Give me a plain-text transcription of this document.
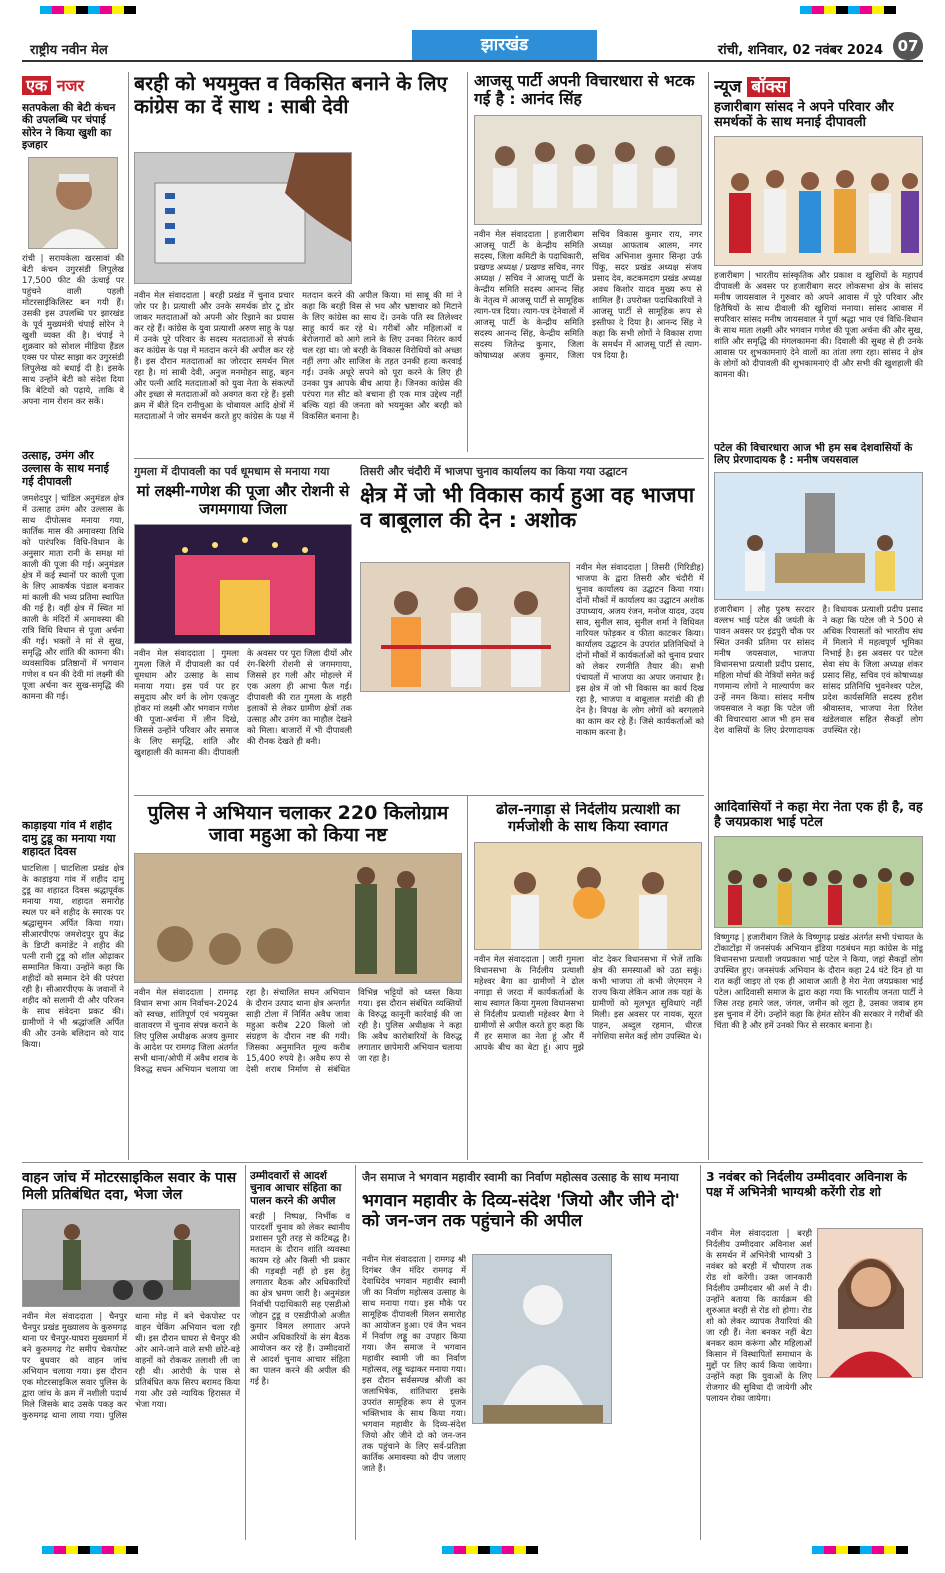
राष्ट्रीय नवीन मेल	झारखंड	रांची, शनिवार, 02 नवंबर 2024 07
एक नजर
सतपकेला की बेटी कंचन की उपलब्धि पर चंपाई सोरेन ने किया खुशी का इजहार
रांची | सरायकेला खरसावां की बेटी कंचन उगुरसंडी लिपुलेख 17,500 फीट की ऊंचाई पर पहुंचने वाली पहली मोटरसाईकिलिस्ट बन गयी हैं। उसकी इस उपलब्धि पर झारखंड के पूर्व मुख्यमंत्री चंपाई सोरेन ने खुशी व्यक्त की है। चंपाई ने शुक्रवार को सोशल मीडिया हैंडल एक्स पर पोस्ट साझा कर उगुरसंडी लिपुलेख को बधाई दी है। इसके साथ उन्होंने बेटी को संदेश दिया कि बेटियों को पढ़ाये, ताकि वे अपना नाम रोशन कर सकें।
उत्साह, उमंग और उल्लास के साथ मनाई गई दीपावली
जमशेदपुर | चांडिल अनुमंडल क्षेत्र में उत्साह उमंग और उल्लास के साथ दीपोत्सव मनाया गया, कार्तिक मास की अमावस्या तिथि को पारंपरिक विधि-विधान के अनुसार माता रानी के समक्ष मां काली की पूजा की गई। अनुमंडल क्षेत्र में कई स्थानों पर काली पूजा के लिए आकर्षक पंडाल बनाकर मां काली की भव्य प्रतिमा स्थापित की गई है। वहीं क्षेत्र में स्थित मां काली के मंदिरों में अमावस्या की रात्रि विधि विधान से पूजा अर्चना की गई। भक्तों ने मां से सुख, समृद्धि और शांति की कामना की। व्यवसायिक प्रतिष्ठानों में भगवान गणेश व धन की देवी मां लक्ष्मी की पूजा अर्चना कर सुख-समृद्धि की कामना की गई।
काड़ाइया गांव में शहीद दामु टुडू का मनाया गया शहादत दिवस
घाटशिला | घाटशिला प्रखंड क्षेत्र के काड़ाइया गांव में शहीद दामु टुडू का शहादत दिवस श्रद्धापूर्वक मनाया गया, शहादत समारोह स्थल पर बने शहीद के स्मारक पर श्रद्धासुमन अर्पित किया गया। सीआरपीएफ जमशेदपुर ग्रुप केंद्र के डिप्टी कमांडेंट ने शहीद की पत्नी रानी टुडू को शॉल ओढ़ाकर सम्मानित किया। उन्होंने कहा कि शहीदों को सम्मान देने की परंपरा रही है। सीआरपीएफ के जवानों ने शहीद को सलामी दी और परिजन के साथ संवेदना प्रकट की। ग्रामीणों ने भी श्रद्धांजलि अर्पित की और उनके बलिदान को याद किया।
बरही को भयमुक्त व विकसित बनाने के लिए कांग्रेस का दें साथ : साबी देवी
नवीन मेल संवाददाता | बरही प्रखंड में चुनाव प्रचार जोर पर है। प्रत्याशी और उनके समर्थक डोर टू डोर जाकर मतदाताओं को अपनी ओर रिझाने का प्रयास कर रहे हैं। कांग्रेस के युवा प्रत्याशी अरुण साहू के पक्ष में उनके पूरे परिवार के सदस्य मतदाताओं से संपर्क कर कांग्रेस के पक्ष में मतदान करने की अपील कर रहे हैं। इस दौरान मतदाताओं का जोरदार समर्थन मिल रहा है। मां साबी देवी, अनुज मनमोहन साहू, बहन और पत्नी आदि मतदाताओं को युवा नेता के संकल्पों और इच्छा से मतदाताओं को अवगत करा रहे हैं। इसी क्रम में बीते दिन रानीचुआ के चोबायल आदि क्षेत्रों में मतदाताओं ने जोर समर्थन करते हुए कांग्रेस के पक्ष में मतदान करने की अपील किया। मां साबू की मां ने कहा कि बरही विस से भय और भ्रष्टाचार को मिटाने के लिए कांग्रेस का साथ दें। उनके पति स्व तिलेश्वर साहू कार्य कर रहे थे। गरीबों और महिलाओं व बेरोजगारों को आगे लाने के लिए उनका निरंतर कार्य चल रहा था। जो बरही के विकास विरोधियों को अच्छा नहीं लगा और साजिश के तहत उनकी हत्या करवाई गई। उनके अधूरे सपने को पूरा करने के लिए ही उनका पुत्र आपके बीच आया है। जिनका कांग्रेस की परंपरा गत सीट को बचाना ही एक मात्र उद्देश्य नहीं बल्कि यहां की जनता को भयमुक्त और बरही को विकसित बनाना है।
आजसू पार्टी अपनी विचारधारा से भटक गई है : आनंद सिंह
नवीन मेल संवाददाता | हजारीबाग आजसू पार्टी के केन्द्रीय समिति सदस्य, जिला कमिटी के पदाधिकारी, प्रखण्ड अध्यक्ष / प्रखण्ड सचिव, नगर अध्यक्ष / सचिव ने आजसू पार्टी के केन्द्रीय समिति सदस्य आनन्द सिंह के नेतृत्व में आजसू पार्टी से सामूहिक त्याग-पत्र दिया। त्याग-पत्र देनेवालों में आजसू पार्टी के केन्द्रीय समिति सदस्य आनन्द सिंह, केन्द्रीय समिति सदस्य जितेन्द्र कुमार, जिला कोषाध्यक्ष अजय कुमार, जिला सचिव विकास कुमार राय, नगर अध्यक्ष आफताब आलम, नगर सचिव अभिनाश कुमार सिन्हा उर्फ पिंकू, सदर प्रखंड अध्यक्ष संजय प्रसाद देव, कटकमदाग प्रखंड अध्यक्ष अवध किशोर यादव मुख्य रूप से शामिल हैं। उपरोक्त पदाधिकारियों ने आजसू पार्टी से सामूहिक रूप से इस्तीफा दे दिया है। आनन्द सिंह ने कहा कि सभी लोगों ने विकास राणा के समर्थन में आजसू पार्टी से त्याग-पत्र दिया है।
न्यूज बॉक्स
हजारीबाग सांसद ने अपने परिवार और समर्थकों के साथ मनाई दीपावली
हजारीबाग | भारतीय सांस्कृतिक और प्रकाश व खुशियों के महापर्व दीपावली के अवसर पर हजारीबाग सदर लोकसभा क्षेत्र के सांसद मनीष जायसवाल ने गुरुवार को अपने आवास में पूरे परिवार और हितैषियों के साथ दीवाली की खुशियां मनाया। सांसद आवास में सपरिवार सांसद मनीष जायसवाल ने पूर्ण श्रद्धा भाव एवं विधि-विधान के साथ माता लक्ष्मी और भगवान गणेश की पूजा अर्चना की और सुख, शांति और समृद्धि की मंगलकामना की। दिवाली की सुबह से ही उनके आवास पर शुभकामनाएं देने वालों का तांता लगा रहा। सांसद ने क्षेत्र के लोगों को दीपावली की शुभकामनाएं दी और सभी की खुशहाली की कामना की।
पटेल की विचारधारा आज भी हम सब देशवासियों के लिए प्रेरणादायक है : मनीष जयसवाल
हजारीबाग | लौह पुरुष सरदार वल्लभ भाई पटेल की जयंती के पावन अवसर पर इंद्रपुरी चौक पर स्थित उनकी प्रतिमा पर सांसद मनीष जयसवाल, भाजपा विधानसभा प्रत्याशी प्रदीप प्रसाद, महिला मोर्चा की नेत्रियों समेत कई गणमान्य लोगों ने माल्यार्पण कर उन्हें नमन किया। सांसद मनीष जयसवाल ने कहा कि पटेल जी की विचारधारा आज भी हम सब देश वासियों के लिए प्रेरणादायक है। विधायक प्रत्याशी प्रदीप प्रसाद ने कहा कि पटेल जी ने 500 से अधिक रियासतों को भारतीय संघ में मिलाने में महत्वपूर्ण भूमिका निभाई है। इस अवसर पर पटेल सेवा संघ के जिला अध्यक्ष शंकर प्रसाद सिंह, सचिव एवं कोषाध्यक्ष सांसद प्रतिनिधि भुवनेश्वर पटेल, प्रदेश कार्यसमिति सदस्य हरीश श्रीवास्तव, भाजपा नेता रितेश खंडेलवाल सहित सैकड़ों लोग उपस्थित रहे।
आदिवासियों ने कहा मेरा नेता एक ही है, वह है जयप्रकाश भाई पटेल
विष्णुगढ़ | हजारीबाग जिले के विष्णुगढ़ प्रखंड अंतर्गत सभी पंचायत के टोंकाटोंड़ा में जनसंपर्क अभियान इंडिया गठबंधन महा कांग्रेस के मांडू विधानसभा प्रत्याशी जयप्रकाश भाई पटेल ने किया, जहां सैकड़ों लोग उपस्थित हुए। जनसंपर्क अभियान के दौरान कहा 24 घंटे दिन हो या रात कहीं जाइए तो एक ही आवाज आती है मेरा नेता जयप्रकाश भाई पटेल। आदिवासी समाज के द्वारा कहा गया कि भारतीय जनता पार्टी ने जिस तरह हमारे जल, जंगल, जमीन को लूटा है, उसका जवाब हम इस चुनाव में देंगे। उन्होंने कहा कि हेमंत सोरेन की सरकार ने गरीबों की चिंता की है और हमें उनको फिर से सरकार बनाना है।
गुमला में दीपावली का पर्व धूमधाम से मनाया गया
मां लक्ष्मी-गणेश की पूजा और रोशनी से जगमगाया जिला
नवीन मेल संवाददाता | गुमला गुमला जिले में दीपावली का पर्व धूमधाम और उत्साह के साथ मनाया गया। इस पर्व पर हर समुदाय और वर्ग के लोग एकजुट होकर मां लक्ष्मी और भगवान गणेश की पूजा-अर्चना में लीन दिखे, जिससे उन्होंने परिवार और समाज के लिए समृद्धि, शांति और खुशहाली की कामना की। दीपावली के अवसर पर पूरा जिला दीयों और रंग-बिरंगी रोशनी से जगमगाया, जिससे हर गली और मोहल्ले में एक अलग ही आभा फैल गई। दीपावली की रात गुमला के शहरी इलाकों से लेकर ग्रामीण क्षेत्रों तक उत्साह और उमंग का माहौल देखने को मिला। बाजारों में भी दीपावली की रौनक देखते ही बनी।
तिसरी और चंदौरी में भाजपा चुनाव कार्यालय का किया गया उद्घाटन
क्षेत्र में जो भी विकास कार्य हुआ वह भाजपा व बाबूलाल की देन : अशोक
नवीन मेल संवाददाता | तिसरी (गिरिडीह) भाजपा के द्वारा तिसरी और चंदौरी में चुनाव कार्यालय का उद्घाटन किया गया। दोनों मौकों में कार्यालय का उद्घाटन अशोक उपाध्याय, अजय रंजन, मनोज यादव, उदय साव, सुनील साव, सुनील शर्मा ने विधिवत नारियल फोड़कर व फीता काटकर किया। कार्यालय उद्घाटन के उपरांत प्रतिनिधियों ने दोनों मौकों में कार्यकर्ताओं को चुनाव प्रचार को लेकर रणनीति तैयार की। सभी पंचायतों में भाजपा का अपार जनाधार है। इस क्षेत्र में जो भी विकास का कार्य दिख रहा है, भाजपा व बाबूलाल मरांडी की ही देन है। विपक्ष के लोग लोगों को बरगलाने का काम कर रहे हैं। जिसे कार्यकर्ताओं को नाकाम करना है।
पुलिस ने अभियान चलाकर 220 किलोग्राम जावा महुआ को किया नष्ट
नवीन मेल संवाददाता | रामगढ़ विधान सभा आम निर्वाचन-2024 को स्वच्छ, शांतिपूर्ण एवं भयमुक्त वातावरण में चुनाव संपन्न कराने के लिए पुलिस अधीक्षक अजय कुमार के आदेश पर रामगढ़ जिला अंतर्गत सभी थाना/ओपी में अवैध शराब के विरुद्ध सघन अभियान चलाया जा रहा है। संचालित सघन अभियान के दौरान उत्पाद थाना क्षेत्र अन्तर्गत साड़ी टोला में निर्मित अवैध जावा महुआ करीब 220 किलो जो संग्रहण के दौरान नष्ट की गयी। जिसका अनुमानित मूल्य करीब 15,400 रुपये है। अवैध रूप से देसी शराब निर्माण से संबंधित विभिन्न भट्टियों को ध्वस्त किया गया। इस दौरान संबंधित व्यक्तियों के विरुद्ध कानूनी कार्रवाई की जा रही है। पुलिस अधीक्षक ने कहा कि अवैध कारोबारियों के विरुद्ध लगातार छापेमारी अभियान चलाया जा रहा है।
ढोल-नगाड़ा से निर्दलीय प्रत्याशी का गर्मजोशी के साथ किया स्वागत
नवीन मेल संवाददाता | जारी गुमला विधानसभा के निर्दलीय प्रत्याशी महेश्वर बैगा का ग्रामीणों ने ढोल नगाड़ा से जरदा में कार्यकर्ताओं के साथ स्वागत किया गुमला विधानसभा से निर्दलीय प्रत्याशी महेश्वर बैगा ने ग्रामीणों से अपील करते हुए कहा कि मैं हर समाज का नेता हूं और मैं आपके बीच का बेटा हूं। आप मुझे वोट देकर विधानसभा में भेजें ताकि क्षेत्र की समस्याओं को उठा सकूं। कभी भाजपा तो कभी जेएमएम ने राज्य किया लेकिन आज तक यहां के ग्रामीणों को मूलभूत सुविधाएं नहीं मिली। इस अवसर पर नायक, सूरत पाहन, अब्दुल रहमान, धीरज नगेशिया समेत कई लोग उपस्थित थे।
वाहन जांच में मोटरसाइकिल सवार के पास मिली प्रतिबंधित दवा, भेजा जेल
नवीन मेल संवाददाता | चैनपुर चैनपुर प्रखंड मुख्यालय के कुरुमगढ़ थाना पर चैनपुर-घाघरा मुख्यमार्ग में बने कुरुमगढ़ गेट समीप चेकपोस्ट पर बुधवार को वाहन जांच अभियान चलाया गया। इस दौरान एक मोटरसाइकिल सवार पुलिस के द्वारा जांच के क्रम में नशीली पदार्थ मिले जिसके बाद उसके पकड़ कर कुरुमगढ़ थाना लाया गया। पुलिस थाना मोड़ में बने चेकपोस्ट पर वाहन चेकिंग अभियान चला रही थी। इस दौरान घाघरा से चैनपुर की ओर आने-जाने वाले सभी छोटे-बड़े वाहनों को रोककर तलाशी ली जा रही थी। आरोपी के पास से प्रतिबंधित कफ सिरप बरामद किया गया और उसे न्यायिक हिरासत में भेजा गया।
उम्मीदवारों से आदर्श चुनाव आचार संहिता का पालन करने की अपील
बरही | निष्पक्ष, निर्भीक व पारदर्शी चुनाव को लेकर स्थानीय प्रशासन पूरी तरह से कटिबद्ध है। मतदान के दौरान शांति व्यवस्था कायम रहे और किसी भी प्रकार की गड़बड़ी नहीं हो इस हेतु लगातार बैठक और अधिकारियों का क्षेत्र भ्रमण जारी है। अनुमंडल निर्वाची पदाधिकारी सह एसडीओ जोहन टुडू व एसडीपीओ अजीत कुमार विमल लगातार अपने अधीन अधिकारियों के संग बैठक आयोजन कर रहे हैं। उम्मीदवारों से आदर्श चुनाव आचार संहिता का पालन करने की अपील की गई है।
जैन समाज ने भगवान महावीर स्वामी का निर्वाण महोत्सव उत्साह के साथ मनाया
भगवान महावीर के दिव्य-संदेश 'जियो और जीने दो' को जन-जन तक पहुंचाने की अपील
नवीन मेल संवाददाता | रामगढ़ श्री दिगंबर जैन मंदिर रामगढ़ में देवाधिदेव भगवान महावीर स्वामी जी का निर्वाण महोत्सव उत्साह के साथ मनाया गया। इस मौके पर सामूहिक दीपावली मिलन समारोह का आयोजन हुआ। एवं जैन भवन में निर्वाण लड्डू का उपहार किया गया। जैन समाज ने भगवान महावीर स्वामी जी का निर्वाण महोत्सव, लड्डू चढ़ाकर मनाया गया। इस दौरान सर्वसम्पन्न श्रीजी का जलाभिषेक, शांतिधारा इसके उपरांत सामूहिक रूप से पूजन भक्तिभाव के साथ किया गया। भगवान महावीर के दिव्य-संदेश जियो और जीने दो को जन-जन तक पहुंचाने के लिए सर्व-प्रतिज्ञा कार्तिक अमावस्या को दीप जलाए जाते हैं।
3 नवंबर को निर्दलीय उम्मीदवार अविनाश के पक्ष में अभिनेत्री भाग्यश्री करेंगी रोड शो
नवीन मेल संवाददाता | बरही निर्दलीय उम्मीदवार अविनाश अर्श के समर्थन में अभिनेत्री भाग्यश्री 3 नवंबर को बरही में चौपारण तक रोड शो करेंगी। उक्त जानकारी निर्दलीय उम्मीदवार श्री अर्श ने दी। उन्होंने बताया कि कार्यक्रम की शुरुआत बरही से रोड शो होगा। रोड शो को लेकर व्यापक तैयारियां की जा रही हैं। नेता बनकर नहीं बेटा बनकर काम करूंगा और महिलाओं किसान में विस्थापितों समाधान के मुद्दों पर लिए कार्य किया जायेगा। उन्होंने कहा कि युवाओं के लिए रोजगार की सुविधा दी जायेगी और पलायन रोका जायेगा।
